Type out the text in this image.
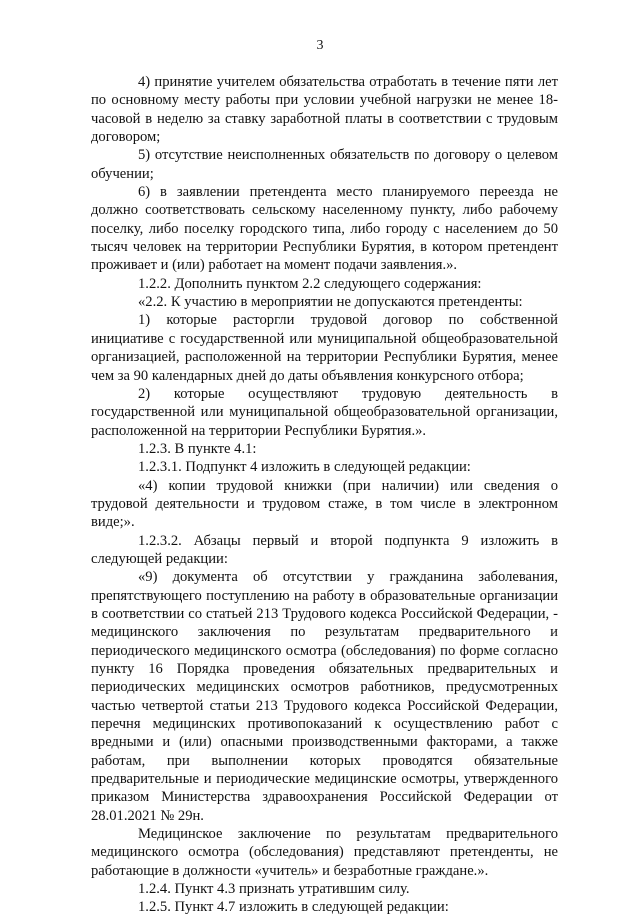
3

4) принятие учителем обязательства отработать в течение пяти лет по основному месту работы при условии учебной нагрузки не менее 18-часовой в неделю за ставку заработной платы в соответствии с трудовым договором;

5) отсутствие неисполненных обязательств по договору о целевом обучении;

6) в заявлении претендента место планируемого переезда не должно соответствовать сельскому населенному пункту, либо рабочему поселку, либо поселку городского типа, либо городу с населением до 50 тысяч человек на территории Республики Бурятия, в котором претендент проживает и (или) работает на момент подачи заявления.».

1.2.2. Дополнить пунктом 2.2 следующего содержания:

«2.2. К участию в мероприятии не допускаются претенденты:

1) которые расторгли трудовой договор по собственной инициативе с государственной или муниципальной общеобразовательной организацией, расположенной на территории Республики Бурятия, менее чем за 90 календарных дней до даты объявления конкурсного отбора;

2) которые осуществляют трудовую деятельность в государственной или муниципальной общеобразовательной организации, расположенной на территории Республики Бурятия.».

1.2.3. В пункте 4.1:

1.2.3.1. Подпункт 4 изложить в следующей редакции:

«4) копии трудовой книжки (при наличии) или сведения о трудовой деятельности и трудовом стаже, в том числе в электронном виде;».

1.2.3.2. Абзацы первый и второй подпункта 9 изложить в следующей редакции:

«9) документа об отсутствии у гражданина заболевания, препятствующего поступлению на работу в образовательные организации в соответствии со статьей 213 Трудового кодекса Российской Федерации, - медицинского заключения по результатам предварительного и периодического медицинского осмотра (обследования) по форме согласно пункту 16 Порядка проведения обязательных предварительных и периодических медицинских осмотров работников, предусмотренных частью четвертой статьи 213 Трудового кодекса Российской Федерации, перечня медицинских противопоказаний к осуществлению работ с вредными и (или) опасными производственными факторами, а также работам, при выполнении которых проводятся обязательные предварительные и периодические медицинские осмотры, утвержденного приказом Министерства здравоохранения Российской Федерации от 28.01.2021 № 29н.

Медицинское заключение по результатам предварительного медицинского осмотра (обследования) представляют претенденты, не работающие в должности «учитель» и безработные граждане.».

1.2.4. Пункт 4.3 признать утратившим силу.

1.2.5. Пункт 4.7 изложить в следующей редакции:
